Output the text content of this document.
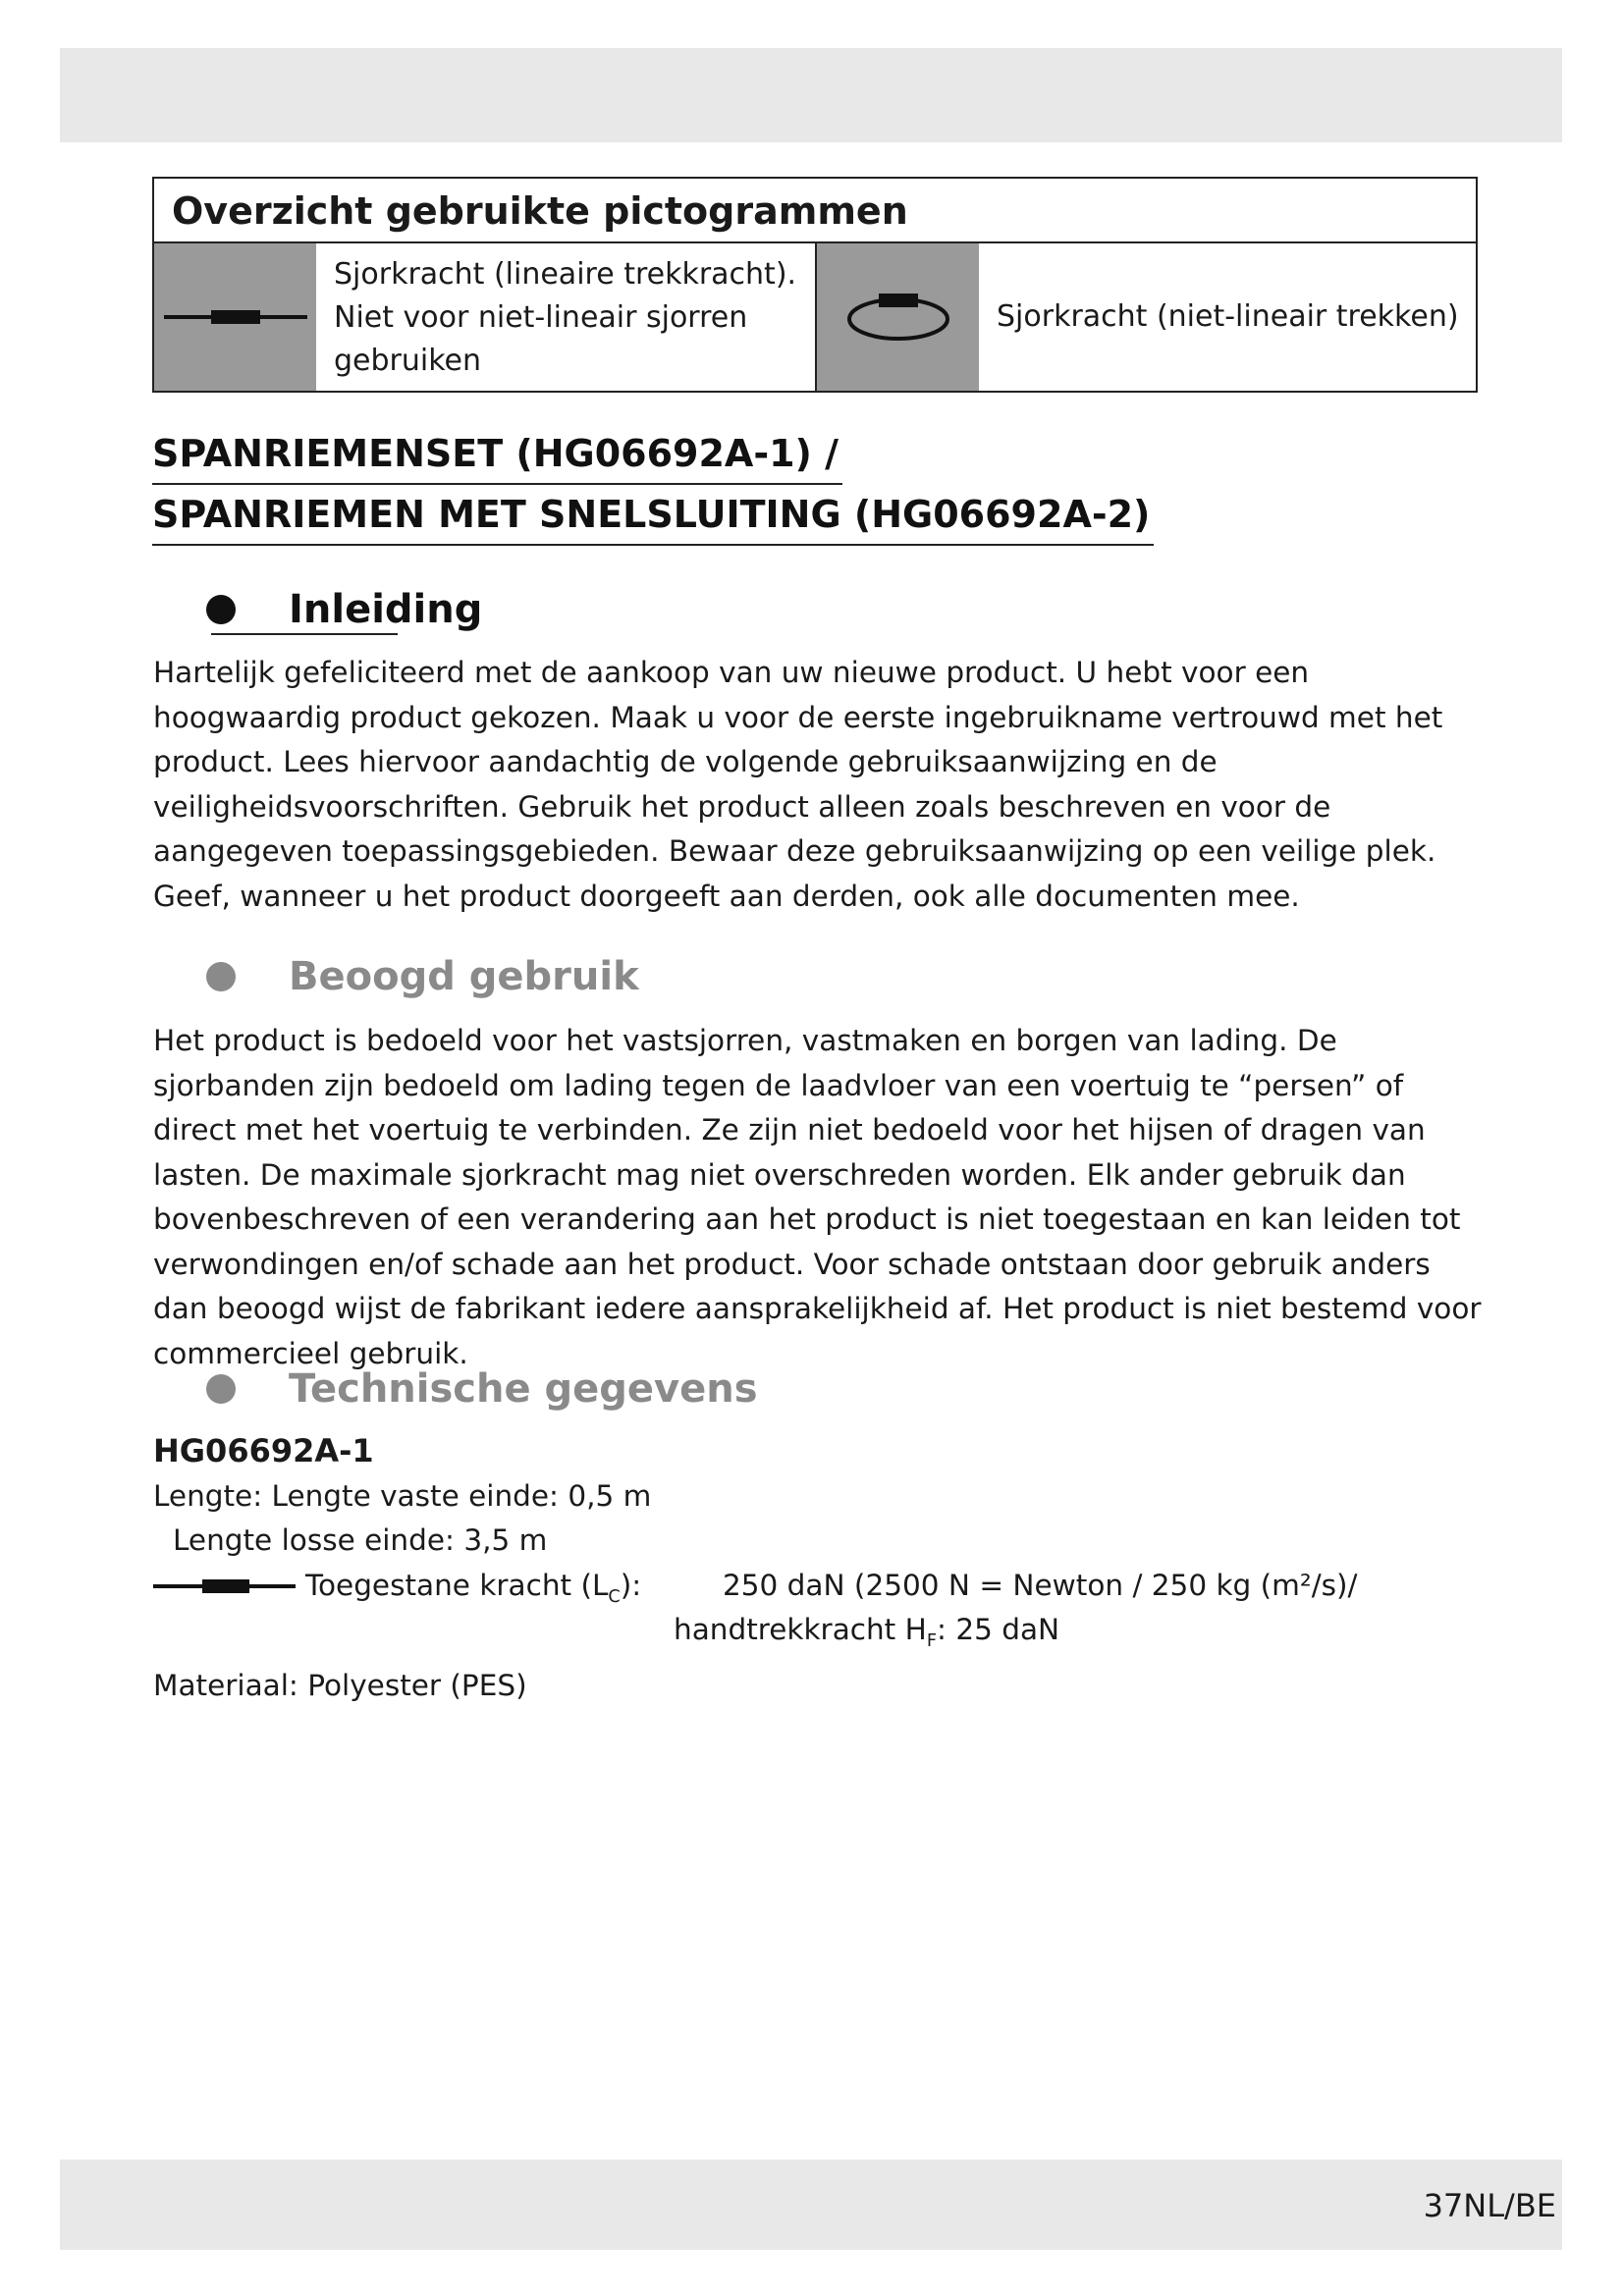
Overzicht gebruikte pictogrammen
Sjorkracht (lineaire trekkracht).
Niet voor niet-lineair sjorren
gebruiken
Sjorkracht (niet-lineair trekken)
SPANRIEMENSET (HG06692A-1) /
SPANRIEMEN MET SNELSLUITING (HG06692A-2)
Inleiding

Hartelijk gefeliciteerd met de aankoop van uw nieuwe product. U hebt voor een hoogwaardig product gekozen. Maak u voor de eerste ingebruikname vertrouwd met het product. Lees hiervoor aandachtig de volgende gebruiksaanwijzing en de veiligheidsvoorschriften. Gebruik het product alleen zoals beschreven en voor de aangegeven toepassingsgebieden. Bewaar deze gebruiksaanwijzing op een veilige plek. Geef, wanneer u het product doorgeeft aan derden, ook alle documenten mee.

Beoogd gebruik

Het product is bedoeld voor het vastsjorren, vastmaken en borgen van lading. De sjorbanden zijn bedoeld om lading tegen de laadvloer van een voertuig te “persen” of direct met het voertuig te verbinden. Ze zijn niet bedoeld voor het hijsen of dragen van lasten. De maximale sjorkracht mag niet overschreden worden. Elk ander gebruik dan bovenbeschreven of een verandering aan het product is niet toegestaan en kan leiden tot verwondingen en/of schade aan het product. Voor schade ontstaan door gebruik anders dan beoogd wijst de fabrikant iedere aansprakelijkheid af. Het product is niet bestemd voor commercieel gebruik.

Technische gegevens
HG06692A-1
Lengte: Lengte vaste einde: 0,5 m
Lengte losse einde: 3,5 m
Toegestane kracht $(L_C)$:	250 daN (2500 N = Newton / 250 kg (m²/s)/
handtrekkracht $H_F$: 25 daN
Materiaal: Polyester (PES)
37NL/BE
